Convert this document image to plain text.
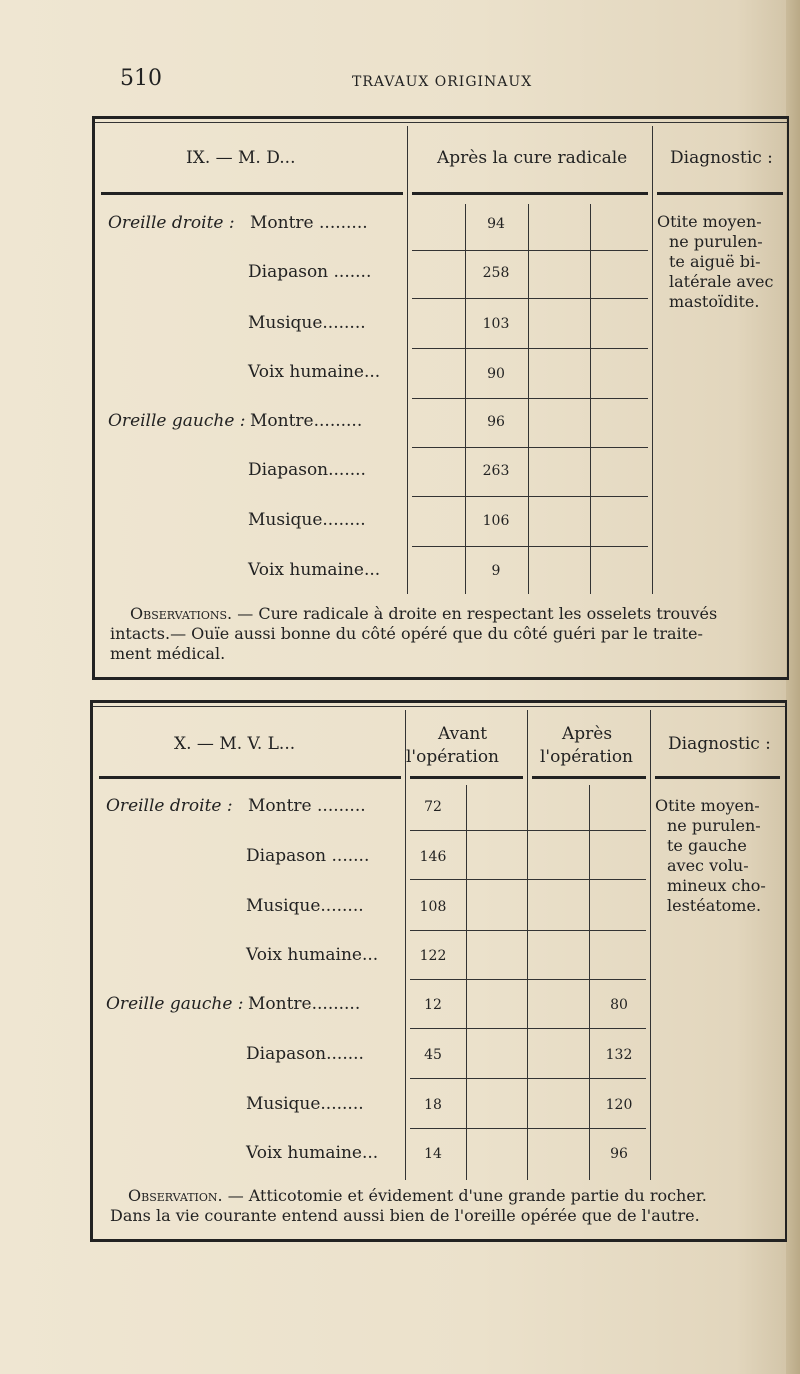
510	TRAVAUX ORIGINAUX
IX. — M. D...	Après la cure radicale	Diagnostic :
Oreille droite : Montre .........	94
Diapason .......	258
Musique........	103
Voix humaine...	90
Oreille gauche : Montre.........	96
Diapason.......	263
Musique........	106
Voix humaine...	9
Otite moyen-
ne purulen-
te aiguë bi-
latérale avec
mastoïdite.
Observations. — Cure radicale à droite en respectant les osselets trouvés
intacts.— Ouïe aussi bonne du côté opéré que du côté guéri par le traite-
ment médical.
X. — M. V. L...	Avant
l'opération
Après
l'opération
Diagnostic :
Oreille droite : Montre .........	72
Diapason .......	146
Musique........	108
Voix humaine...	122
Oreille gauche : Montre.........	12	80
Diapason.......	45	132
Musique........	18	120
Voix humaine...	14	96
Otite moyen-
ne purulen-
te gauche
avec volu-
mineux cho-
lestéatome.
Observation. — Atticotomie et évidement d'une grande partie du rocher.
Dans la vie courante entend aussi bien de l'oreille opérée que de l'autre.
